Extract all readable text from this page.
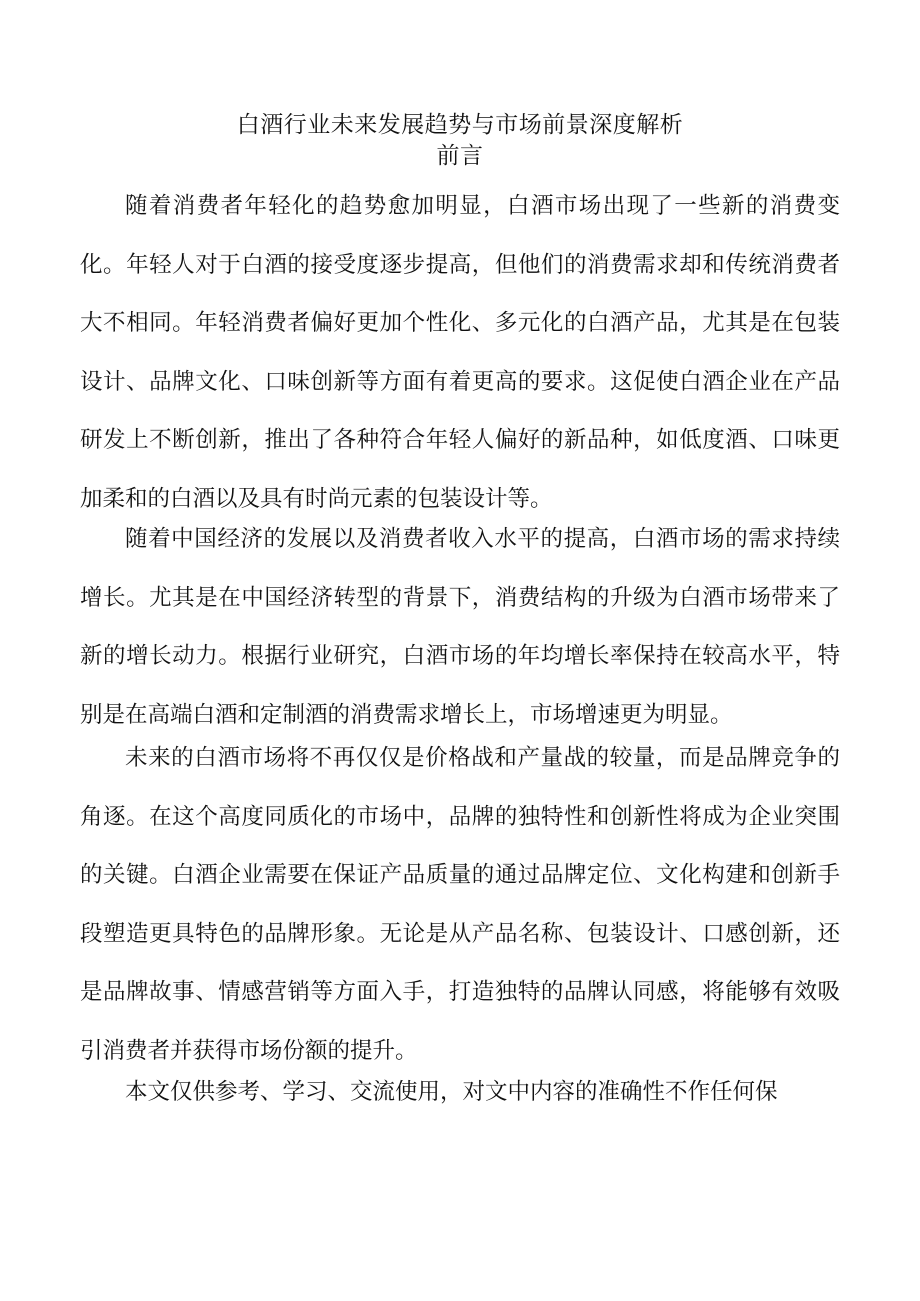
白酒行业未来发展趋势与市场前景深度解析
前言

随着消费者年轻化的趋势愈加明显，白酒市场出现了一些新的消费变化。年轻人对于白酒的接受度逐步提高，但他们的消费需求却和传统消费者大不相同。年轻消费者偏好更加个性化、多元化的白酒产品，尤其是在包装设计、品牌文化、口味创新等方面有着更高的要求。这促使白酒企业在产品研发上不断创新，推出了各种符合年轻人偏好的新品种，如低度酒、口味更加柔和的白酒以及具有时尚元素的包装设计等。

随着中国经济的发展以及消费者收入水平的提高，白酒市场的需求持续增长。尤其是在中国经济转型的背景下，消费结构的升级为白酒市场带来了新的增长动力。根据行业研究，白酒市场的年均增长率保持在较高水平，特别是在高端白酒和定制酒的消费需求增长上，市场增速更为明显。

未来的白酒市场将不再仅仅是价格战和产量战的较量，而是品牌竞争的角逐。在这个高度同质化的市场中，品牌的独特性和创新性将成为企业突围的关键。白酒企业需要在保证产品质量的通过品牌定位、文化构建和创新手段塑造更具特色的品牌形象。无论是从产品名称、包装设计、口感创新，还是品牌故事、情感营销等方面入手，打造独特的品牌认同感，将能够有效吸引消费者并获得市场份额的提升。

本文仅供参考、学习、交流使用，对文中内容的准确性不作任何保
